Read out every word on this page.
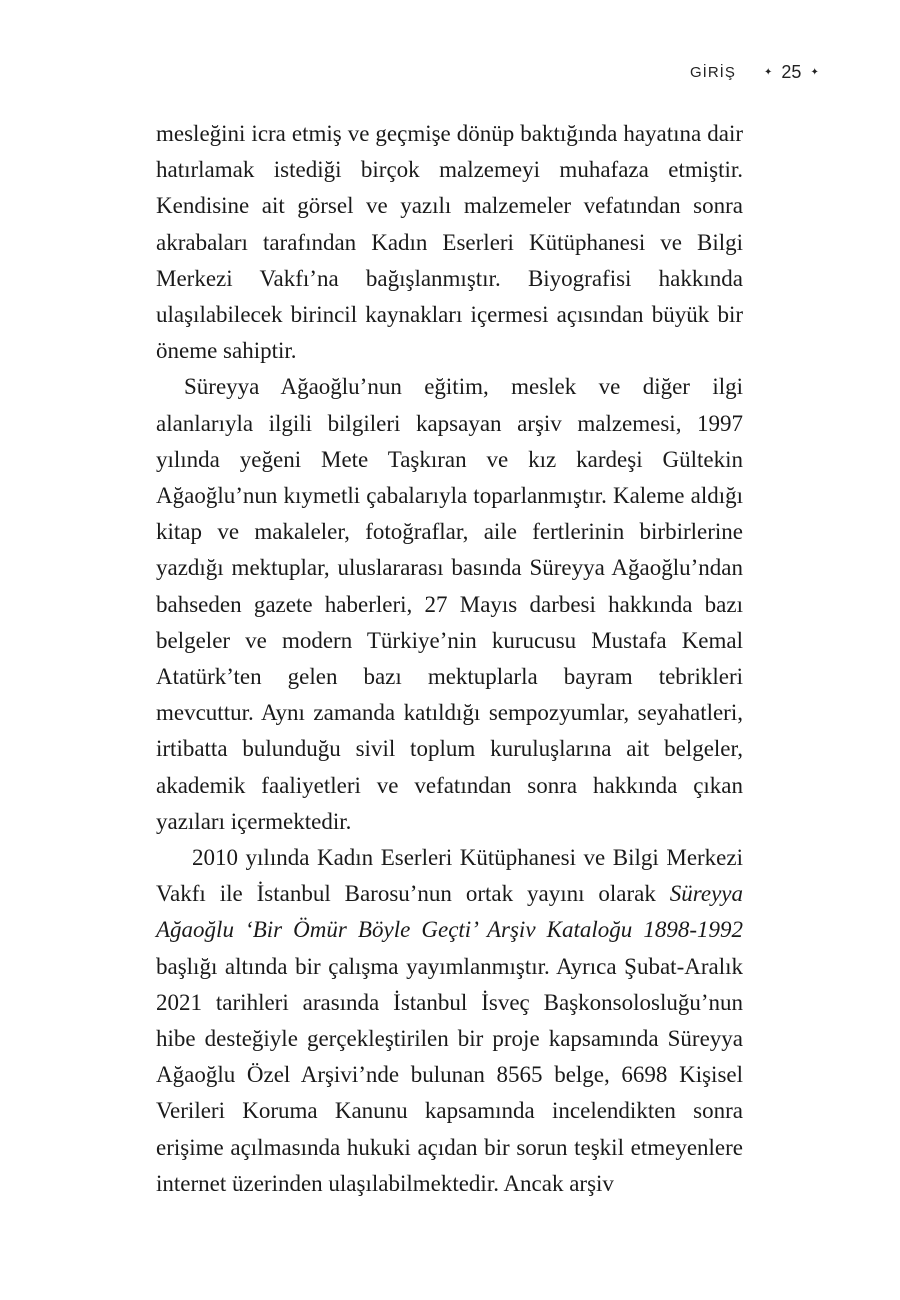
GİRİŞ	✦ 25 ✦

mesleğini icra etmiş ve geçmişe dönüp baktığında hayatına dair hatırlamak istediği birçok malzemeyi muhafaza etmiştir. Kendisine ait görsel ve yazılı malzemeler vefatından sonra akrabaları tarafından Kadın Eserleri Kütüphanesi ve Bilgi Merkezi Vakfı’na bağışlanmıştır. Biyografisi hakkında ulaşılabilecek birincil kaynakları içermesi açısından büyük bir öneme sahiptir.

Süreyya Ağaoğlu’nun eğitim, meslek ve diğer ilgi alanlarıyla ilgili bilgileri kapsayan arşiv malzemesi, 1997 yılında yeğeni Mete Taşkıran ve kız kardeşi Gültekin Ağaoğlu’nun kıymetli çabalarıyla toparlanmıştır. Kaleme aldığı kitap ve makaleler, fotoğraflar, aile fertlerinin birbirlerine yazdığı mektuplar, uluslararası basında Süreyya Ağaoğlu’ndan bahseden gazete haberleri, 27 Mayıs darbesi hakkında bazı belgeler ve modern Türkiye’nin kurucusu Mustafa Kemal Atatürk’ten gelen bazı mektuplarla bayram tebrikleri mevcuttur. Aynı zamanda katıldığı sempozyumlar, seyahatleri, irtibatta bulunduğu sivil toplum kuruluşlarına ait belgeler, akademik faaliyetleri ve vefatından sonra hakkında çıkan yazıları içermektedir.

2010 yılında Kadın Eserleri Kütüphanesi ve Bilgi Merkezi Vakfı ile İstanbul Barosu’nun ortak yayını olarak Süreyya Ağaoğlu ‘Bir Ömür Böyle Geçti’ Arşiv Kataloğu 1898-1992 başlığı altında bir çalışma yayımlanmıştır. Ayrıca Şubat-Aralık 2021 tarihleri arasında İstanbul İsveç Başkonsolosluğu’nun hibe desteğiyle gerçekleştirilen bir proje kapsamında Süreyya Ağaoğlu Özel Arşivi’nde bulunan 8565 belge, 6698 Kişisel Verileri Koruma Kanunu kapsamında incelendikten sonra erişime açılmasında hukuki açıdan bir sorun teşkil etmeyenlere internet üzerinden ulaşılabilmektedir. Ancak arşiv
